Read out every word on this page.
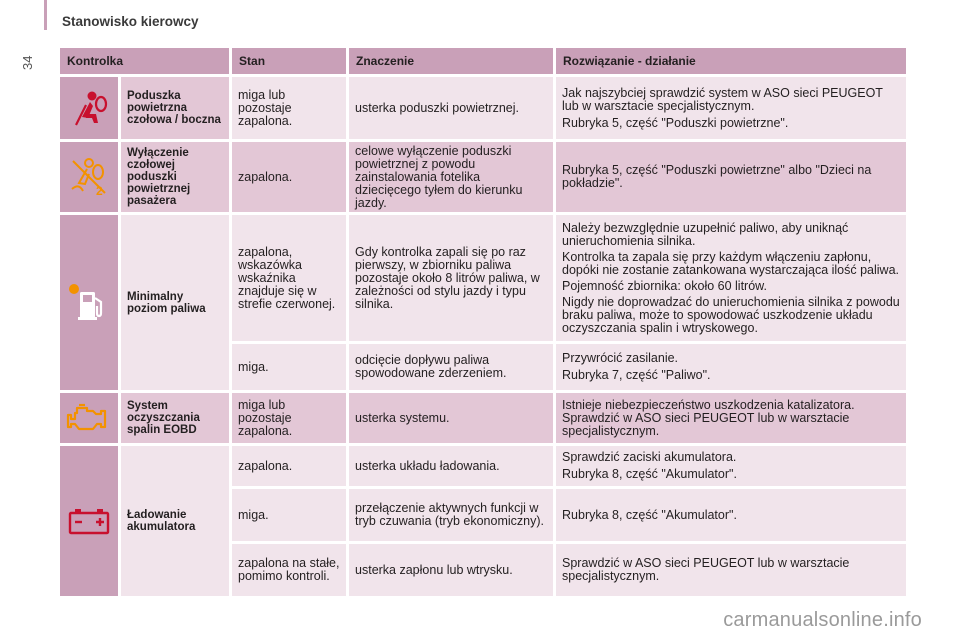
Stanowisko kierowcy
34	Kontrolka		Stan	Znaczenie	Rozwiązanie - działanie

	Poduszka powietrzna czołowa / boczna	miga lub pozostaje zapalona.	usterka poduszki powietrznej.	Jak najszybciej sprawdzić system w ASO sieci PEUGEOT lub w warsztacie specjalistycznym.
Rubryka 5, część "Poduszki powietrzne".

2	Wyłączenie czołowej poduszki powietrznej pasażera	zapalona.	celowe wyłączenie poduszki powietrznej z powodu zainstalowania fotelika dziecięcego tyłem do kierunku jazdy.	Rubryka 5, część "Poduszki powietrzne" albo "Dzieci na pokładzie".

	Minimalny poziom paliwa	zapalona, wskazówka wskaźnika znajduje się w strefie czerwonej.	Gdy kontrolka zapali się po raz pierwszy, w zbiorniku paliwa pozostaje około 8 litrów paliwa, w zależności od stylu jazdy i typu silnika.	Należy bezwzględnie uzupełnić paliwo, aby uniknąć unieruchomienia silnika.
Kontrolka ta zapala się przy każdym włączeniu zapłonu, dopóki nie zostanie zatankowana wystarczająca ilość paliwa.
Pojemność zbiornika: około 60 litrów.
Nigdy nie doprowadzać do unieruchomienia silnika z powodu braku paliwa, może to spowodować uszkodzenie układu oczyszczania spalin i wtryskowego.

		miga.	odcięcie dopływu paliwa spowodowane zderzeniem.	Przywrócić zasilanie.
Rubryka 7, część "Paliwo".

	System oczyszczania spalin EOBD	miga lub pozostaje zapalona.	usterka systemu.	Istnieje niebezpieczeństwo uszkodzenia katalizatora. Sprawdzić w ASO sieci PEUGEOT lub w warsztacie specjalistycznym.

	Ładowanie akumulatora	zapalona.	usterka układu ładowania.	Sprawdzić zaciski akumulatora.
Rubryka 8, część "Akumulator".

		miga.	przełączenie aktywnych funkcji w tryb czuwania (tryb ekonomiczny).	Rubryka 8, część "Akumulator".
		zapalona na stałe, pomimo kontroli.	usterka zapłonu lub wtrysku.	Sprawdzić w ASO sieci PEUGEOT lub w warsztacie specjalistycznym.
carmanualsonline.info
